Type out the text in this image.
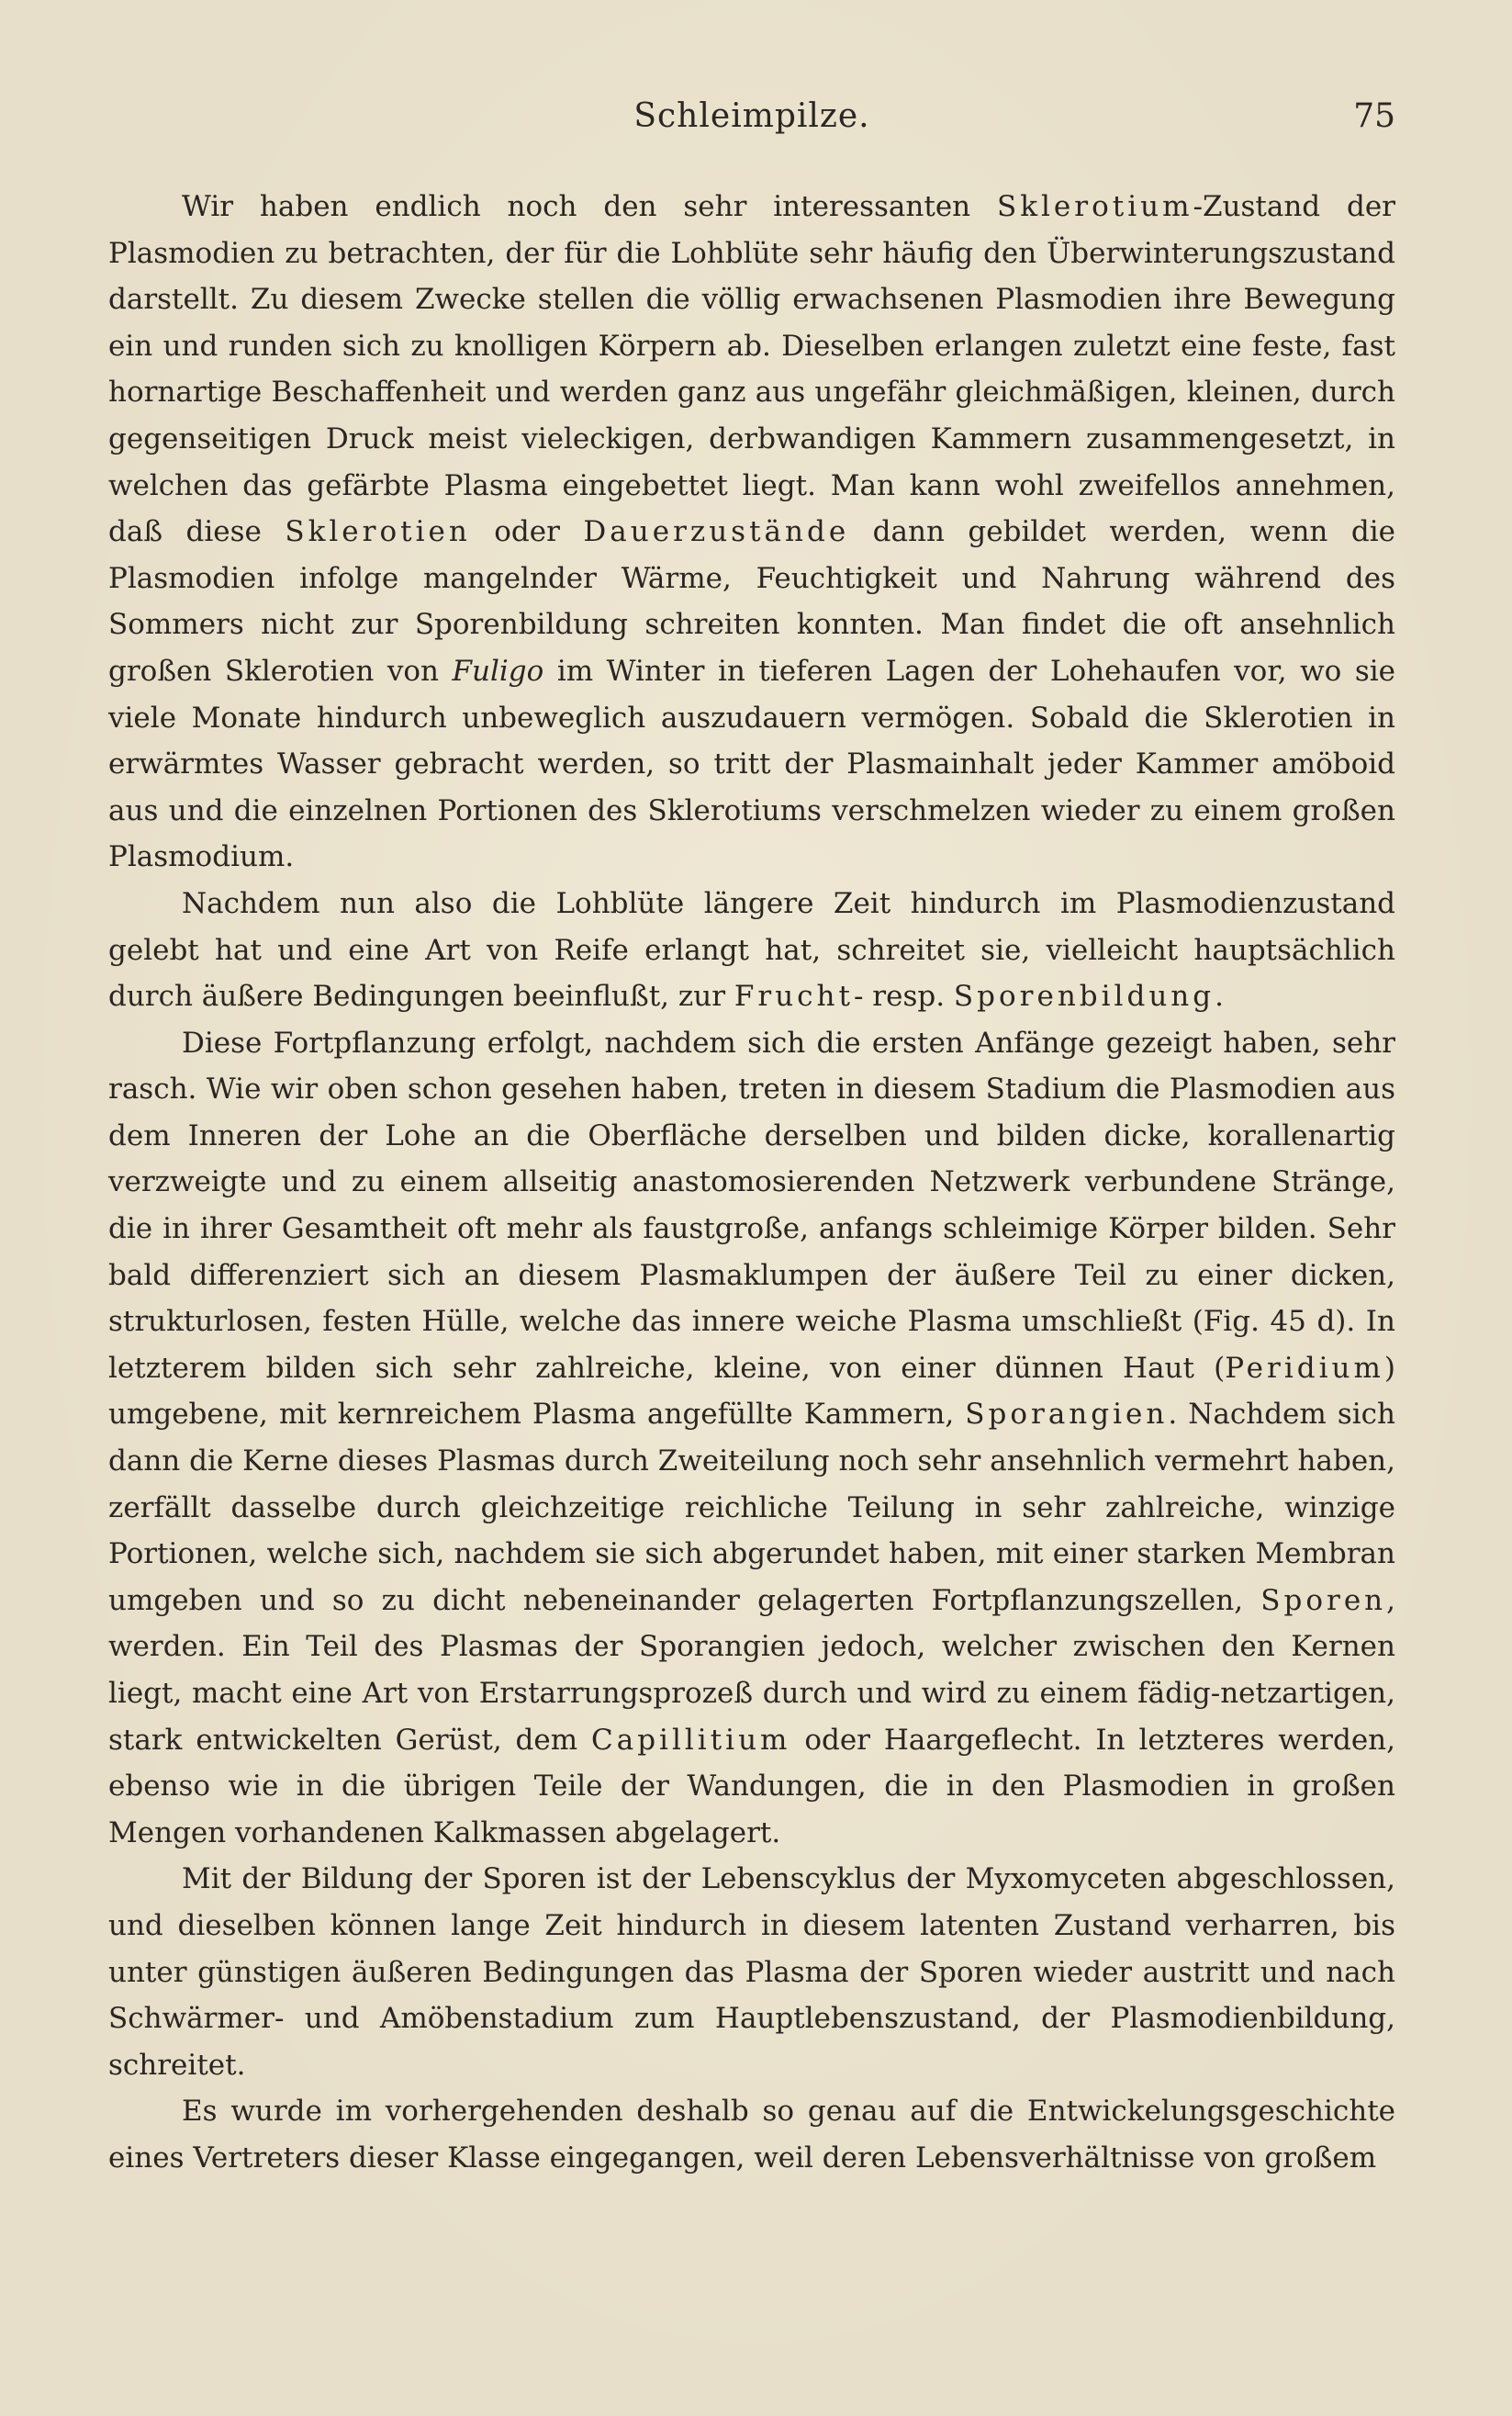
Schleimpilze.	75

Wir haben endlich noch den sehr interessanten Sklerotium-Zustand der Plasmodien zu betrachten, der für die Lohblüte sehr häufig den Überwinterungszustand darstellt. Zu diesem Zwecke stellen die völlig erwachsenen Plasmodien ihre Bewegung ein und runden sich zu knolligen Körpern ab. Dieselben erlangen zuletzt eine feste, fast hornartige Beschaffenheit und werden ganz aus ungefähr gleichmäßigen, kleinen, durch gegenseitigen Druck meist vieleckigen, derbwandigen Kammern zusammengesetzt, in welchen das gefärbte Plasma eingebettet liegt. Man kann wohl zweifellos annehmen, daß diese Sklerotien oder Dauerzustände dann gebildet werden, wenn die Plasmodien infolge mangelnder Wärme, Feuchtigkeit und Nahrung während des Sommers nicht zur Sporenbildung schreiten konnten. Man findet die oft ansehnlich großen Sklerotien von Fuligo im Winter in tieferen Lagen der Lohehaufen vor, wo sie viele Monate hindurch unbeweglich auszudauern vermögen. Sobald die Sklerotien in erwärmtes Wasser gebracht werden, so tritt der Plasmainhalt jeder Kammer amöboid aus und die einzelnen Portionen des Sklerotiums verschmelzen wieder zu einem großen Plasmodium.

Nachdem nun also die Lohblüte längere Zeit hindurch im Plasmodienzustand gelebt hat und eine Art von Reife erlangt hat, schreitet sie, vielleicht hauptsächlich durch äußere Bedingungen beeinflußt, zur Frucht- resp. Sporenbildung.

Diese Fortpflanzung erfolgt, nachdem sich die ersten Anfänge gezeigt haben, sehr rasch. Wie wir oben schon gesehen haben, treten in diesem Stadium die Plasmodien aus dem Inneren der Lohe an die Oberfläche derselben und bilden dicke, korallenartig verzweigte und zu einem allseitig anastomosierenden Netzwerk verbundene Stränge, die in ihrer Gesamtheit oft mehr als faustgroße, anfangs schleimige Körper bilden. Sehr bald differenziert sich an diesem Plasmaklumpen der äußere Teil zu einer dicken, strukturlosen, festen Hülle, welche das innere weiche Plasma umschließt (Fig. 45 d). In letzterem bilden sich sehr zahlreiche, kleine, von einer dünnen Haut (Peridium) umgebene, mit kernreichem Plasma angefüllte Kammern, Sporangien. Nachdem sich dann die Kerne dieses Plasmas durch Zweiteilung noch sehr ansehnlich vermehrt haben, zerfällt dasselbe durch gleichzeitige reichliche Teilung in sehr zahlreiche, winzige Portionen, welche sich, nachdem sie sich abgerundet haben, mit einer starken Membran umgeben und so zu dicht nebeneinander gelagerten Fortpflanzungszellen, Sporen, werden. Ein Teil des Plasmas der Sporangien jedoch, welcher zwischen den Kernen liegt, macht eine Art von Erstarrungsprozeß durch und wird zu einem fädig-netzartigen, stark entwickelten Gerüst, dem Capillitium oder Haargeflecht. In letzteres werden, ebenso wie in die übrigen Teile der Wandungen, die in den Plasmodien in großen Mengen vorhandenen Kalkmassen abgelagert.

Mit der Bildung der Sporen ist der Lebenscyklus der Myxomyceten abgeschlossen, und dieselben können lange Zeit hindurch in diesem latenten Zustand verharren, bis unter günstigen äußeren Bedingungen das Plasma der Sporen wieder austritt und nach Schwärmer- und Amöbenstadium zum Hauptlebenszustand, der Plasmodienbildung, schreitet.

Es wurde im vorhergehenden deshalb so genau auf die Entwickelungsgeschichte eines Vertreters dieser Klasse eingegangen, weil deren Lebensverhältnisse von großem
